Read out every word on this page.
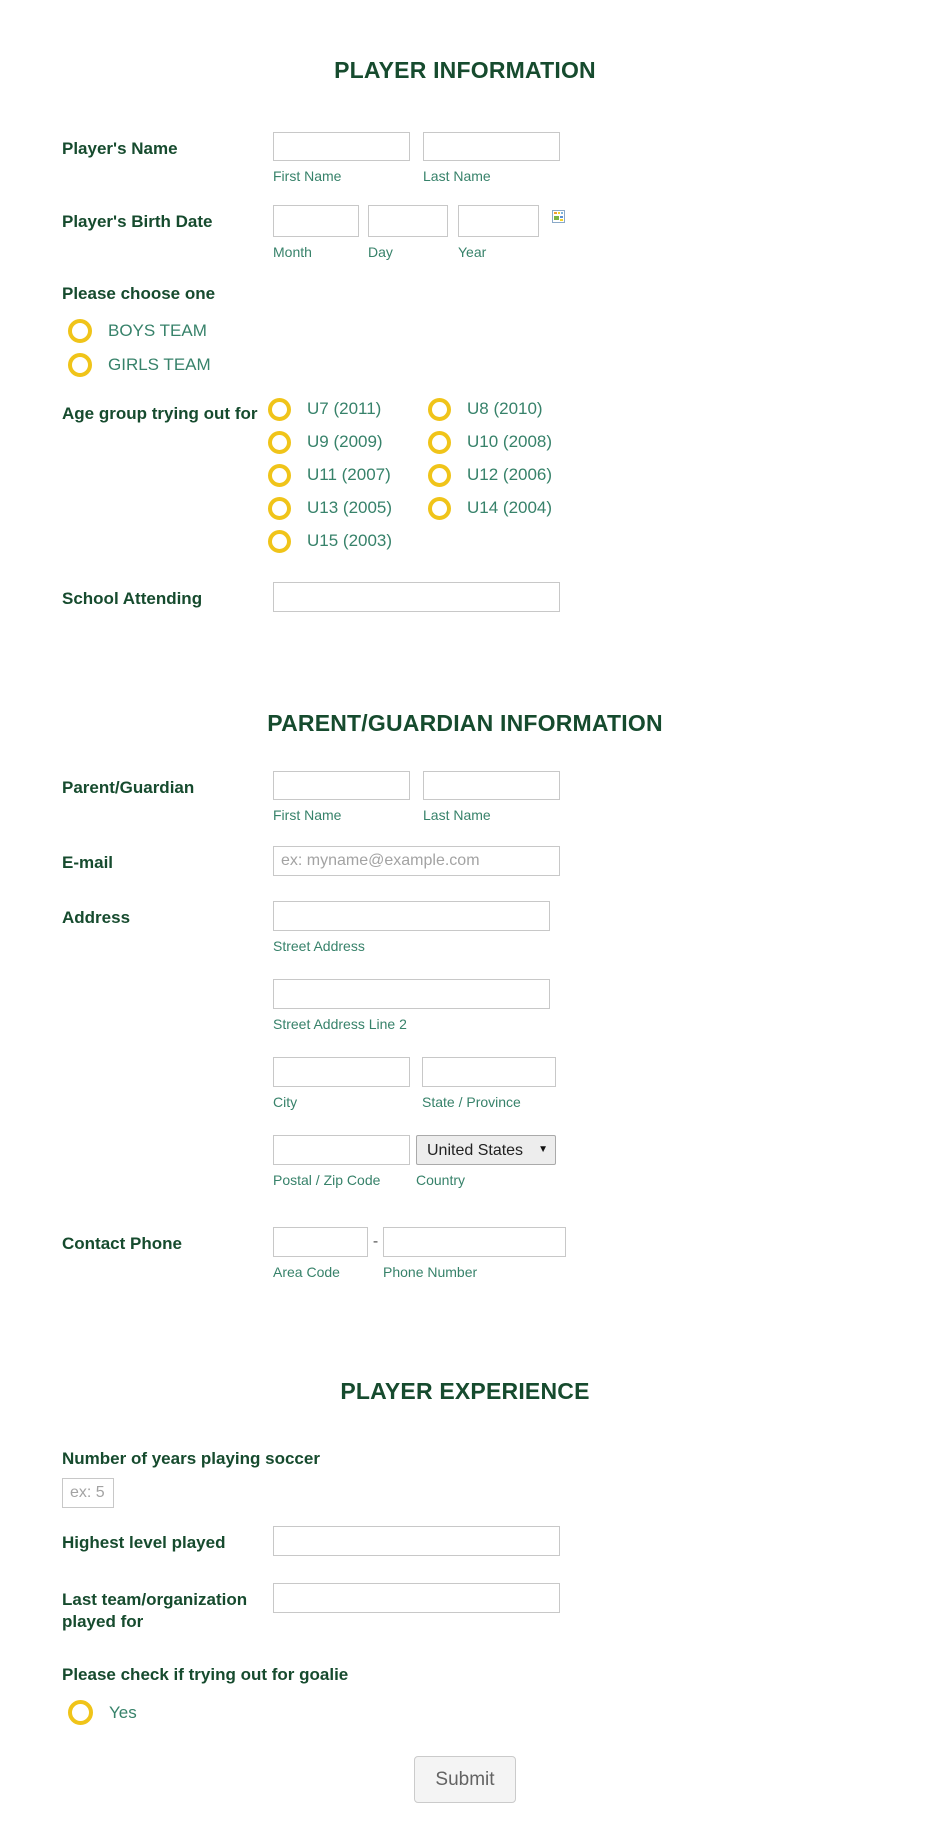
PLAYER INFORMATION
Player's Name
First Name	Last Name
Player's Birth Date
Month	Day	Year
Please choose one
BOYS TEAM
GIRLS TEAM
Age group trying out for	U7 (2011)	U8 (2010)
U9 (2009)	U10 (2008)
U11 (2007)	U12 (2006)
U13 (2005)	U14 (2004)
U15 (2003)
School Attending
PARENT/GUARDIAN INFORMATION
Parent/Guardian
First Name	Last Name
E-mail
ex: myname@example.com
Address
Street Address
Street Address Line 2
City	State / Province
Postal / Zip Code
United States
▼
Country
Contact Phone
Area Code
-
Phone Number
PLAYER EXPERIENCE
Number of years playing soccer
ex: 5
Highest level played
Last team/organization played for
Please check if trying out for goalie
Yes
Submit
